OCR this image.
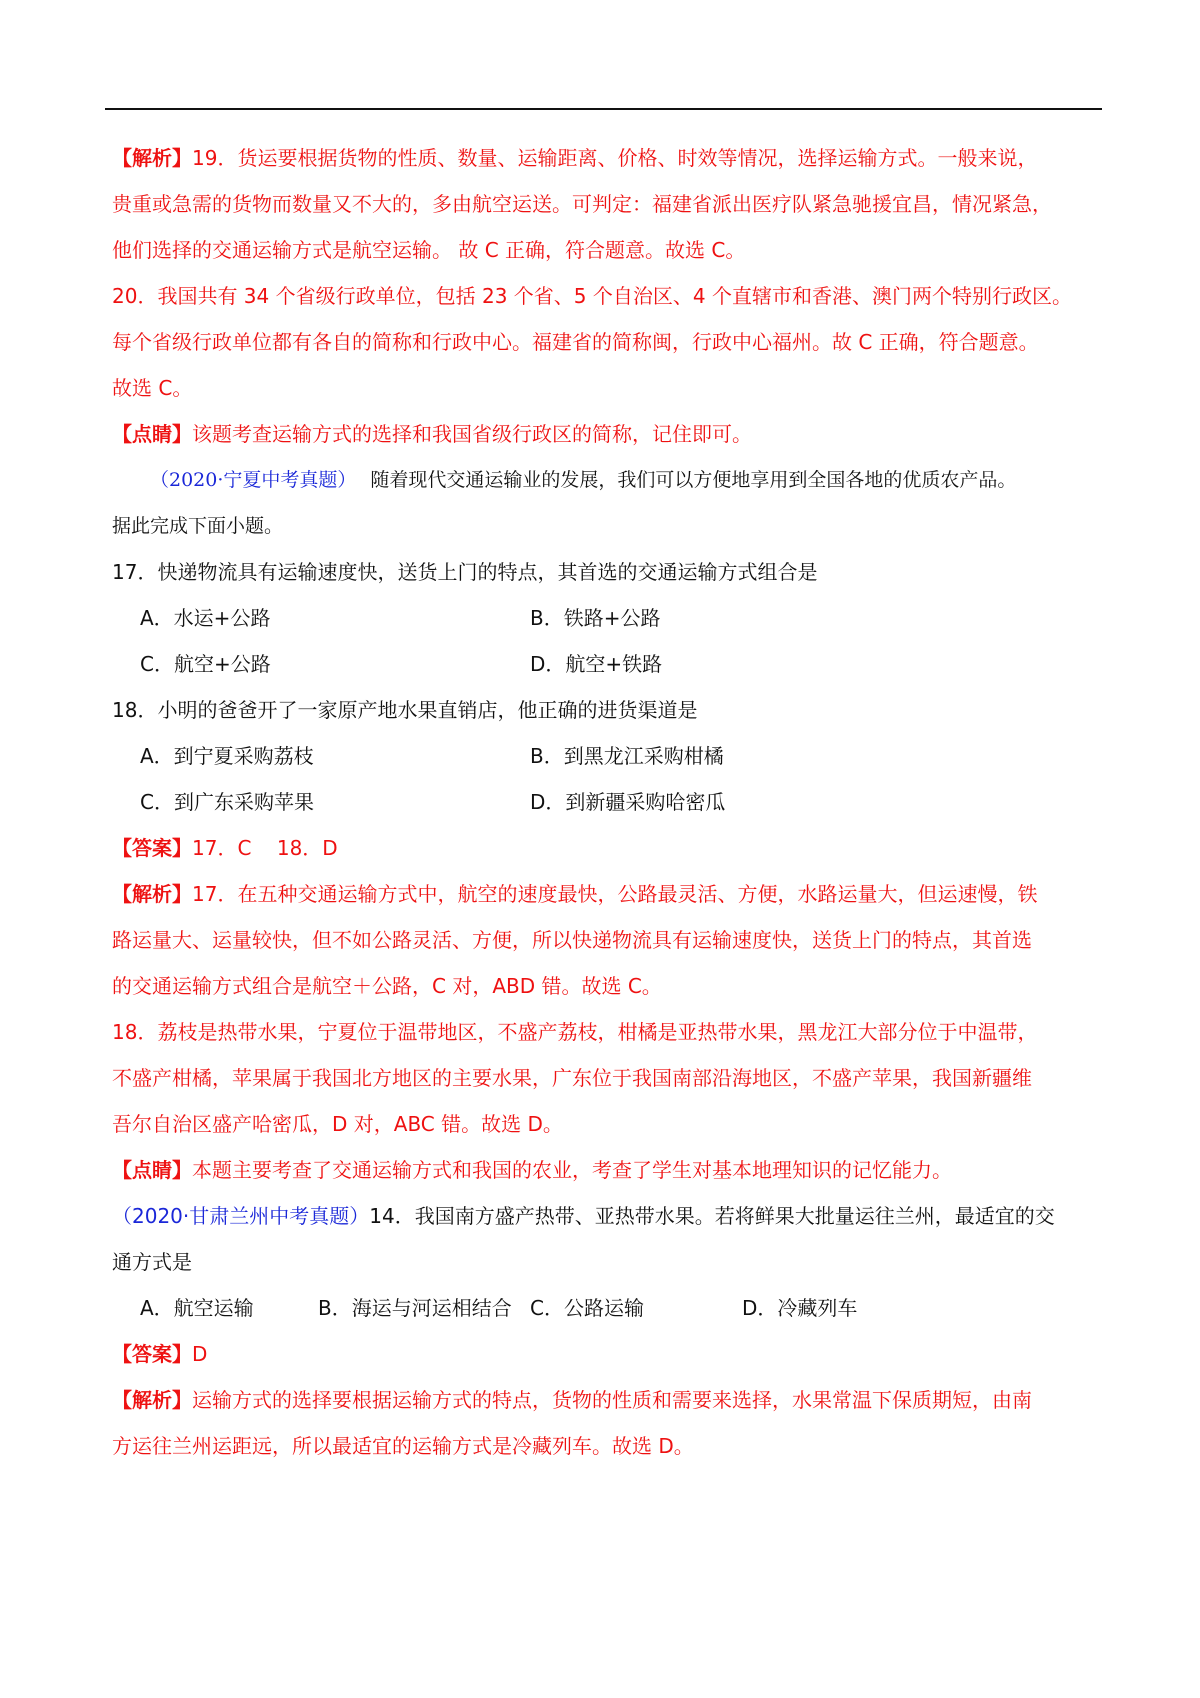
【解析】19．货运要根据货物的性质、数量、运输距离、价格、时效等情况，选择运输方式。一般来说，
贵重或急需的货物而数量又不大的，多由航空运送。可判定：福建省派出医疗队紧急驰援宜昌，情况紧急，
他们选择的交通运输方式是航空运输。 故 C 正确，符合题意。故选 C。
20．我国共有 34 个省级行政单位，包括 23 个省、5 个自治区、4 个直辖市和香港、澳门两个特别行政区。
每个省级行政单位都有各自的简称和行政中心。福建省的简称闽，行政中心福州。故 C 正确，符合题意。
故选 C。
【点睛】该题考查运输方式的选择和我国省级行政区的简称，记住即可。
（2020·宁夏中考真题） 随着现代交通运输业的发展，我们可以方便地享用到全国各地的优质农产品。
据此完成下面小题。
17．快递物流具有运输速度快，送货上门的特点，其首选的交通运输方式组合是
A．水运+公路	B．铁路+公路
C．航空+公路	D．航空+铁路
18．小明的爸爸开了一家原产地水果直销店，他正确的进货渠道是
A．到宁夏采购荔枝	B．到黑龙江采购柑橘
C．到广东采购苹果	D．到新疆采购哈密瓜
【答案】17．C    18．D
【解析】17．在五种交通运输方式中，航空的速度最快，公路最灵活、方便，水路运量大，但运速慢，铁
路运量大、运量较快，但不如公路灵活、方便，所以快递物流具有运输速度快，送货上门的特点，其首选
的交通运输方式组合是航空＋公路，C 对，ABD 错。故选 C。
18．荔枝是热带水果，宁夏位于温带地区，不盛产荔枝，柑橘是亚热带水果，黑龙江大部分位于中温带，
不盛产柑橘，苹果属于我国北方地区的主要水果，广东位于我国南部沿海地区，不盛产苹果，我国新疆维
吾尔自治区盛产哈密瓜，D 对，ABC 错。故选 D。
【点睛】本题主要考查了交通运输方式和我国的农业，考查了学生对基本地理知识的记忆能力。
（2020·甘肃兰州中考真题）14．我国南方盛产热带、亚热带水果。若将鲜果大批量运往兰州，最适宜的交
通方式是
A．航空运输	B．海运与河运相结合 C．公路运输	D．冷藏列车
【答案】D
【解析】运输方式的选择要根据运输方式的特点，货物的性质和需要来选择，水果常温下保质期短，由南
方运往兰州运距远，所以最适宜的运输方式是冷藏列车。故选 D。
